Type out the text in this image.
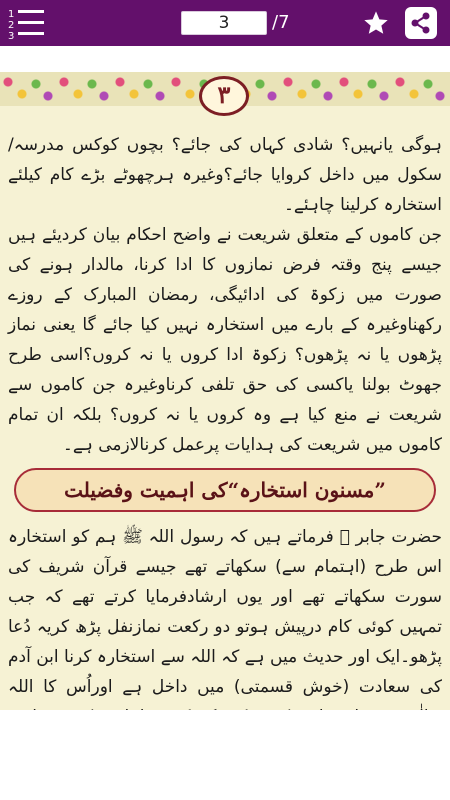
1
2
3
3	/7
۳

ہوگی یانہیں؟ شادی کہاں کی جائے؟ بچوں کوکس مدرسہ/سکول میں داخل کروایا جائے؟وغیرہ ہرچھوٹے بڑے کام کیلئے استخارہ کرلینا چاہئے۔

جن کاموں کے متعلق شریعت نے واضح احکام بیان کردیئے ہیں جیسے پنج وقتہ فرض نمازوں کا ادا کرنا، مالدار ہونے کی صورت میں زکوۃ کی ادائیگی، رمضان المبارک کے روزے رکھناوغیرہ کے بارے میں استخارہ نہیں کیا جائے گا یعنی نماز پڑھوں یا نہ پڑھوں؟ زکوۃ ادا کروں یا نہ کروں؟اسی طرح جھوٹ بولنا یاکسی کی حق تلفی کرناوغیرہ جن کاموں سے شریعت نے منع کیا ہے وہ کروں یا نہ کروں؟ بلکہ ان تمام کاموں میں شریعت کی ہدایات پرعمل کرنالازمی ہے۔

”مسنون استخارہ“کی اہمیت وفضیلت

حضرت جابر ﷛ فرماتے ہیں کہ رسول اللہ ﷺ ہم کو استخارہ اس طرح (اہتمام سے) سکھاتے تھے جیسے قرآن شریف کی سورت سکھاتے تھے اور یوں ارشادفرمایا کرتے تھے کہ جب تمہیں کوئی کام درپیش ہوتو دو رکعت نمازنفل پڑھ کریہ دُعا پڑھو۔ایک اور حدیث میں ہے کہ اللہ سے استخارہ کرنا ابن آدم کی سعادت (خوش قسمتی) میں داخل ہے اوراُس کا اللہ
